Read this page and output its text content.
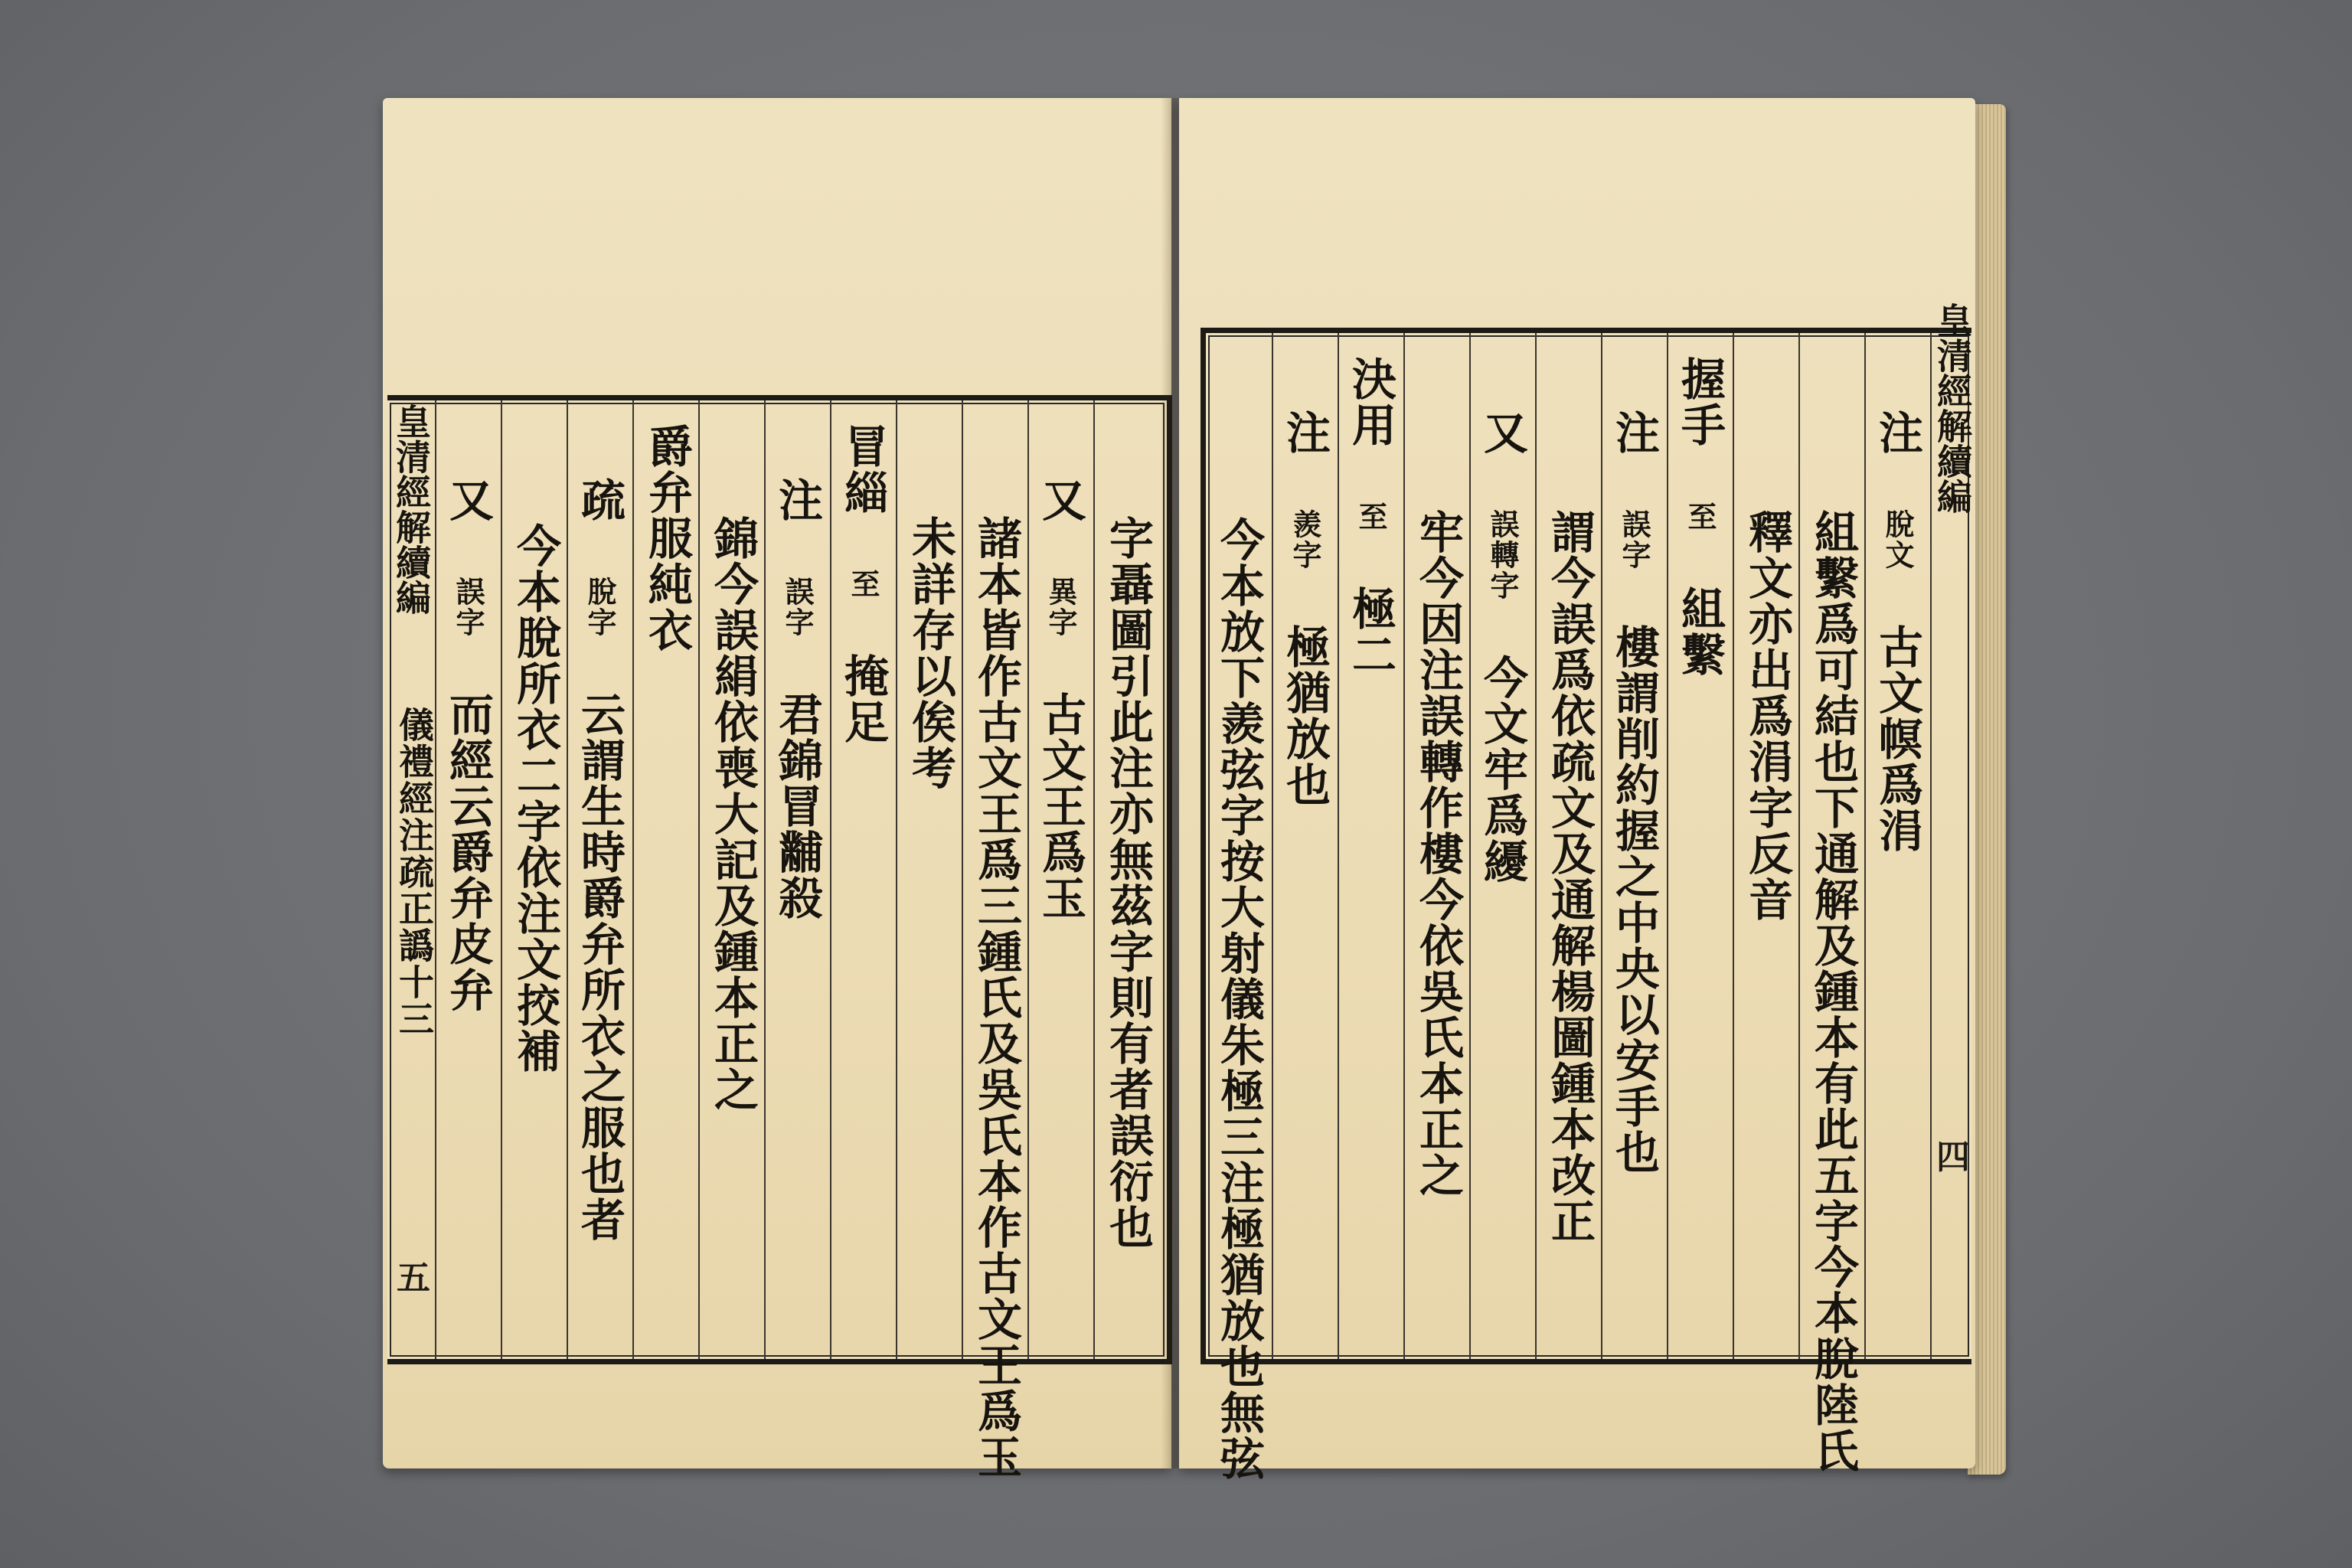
皇清經解續編
儀禮經注疏正譌十三
五
又 誤字 而經云爵弁皮弁 今本脫所衣二字依注文挍補
疏 脫字 云謂生時爵弁所衣之服也者
爵弁服純衣 錦今誤絹依喪大記及鍾本正之
注 誤字 君錦冒黼殺
冒緇 至 掩足 未詳存以俟考 諸本皆作古文王爲三鍾氏及吳氏本作古文王爲玉
又 異字 古文王爲玉 字聶圖引此注亦無茲字則有者誤衍也 今本放下羨弦字按大射儀朱極三注極猶放也無弦
注 羨字 極猶放也
決用 至 極二 牢今因注誤轉作樓今依吳氏本正之
又 誤轉字 今文牢爲纋 謂今誤爲依疏文及通解楊圖鍾本改正
注 誤字 樓謂削約握之中央以安手也
握手 至 組繫 釋文亦出爲涓字反音 組繫爲可結也下通解及鍾本有此五字今本脫陸氏
注 脫文 古文幎爲涓
皇清經解續編
四
